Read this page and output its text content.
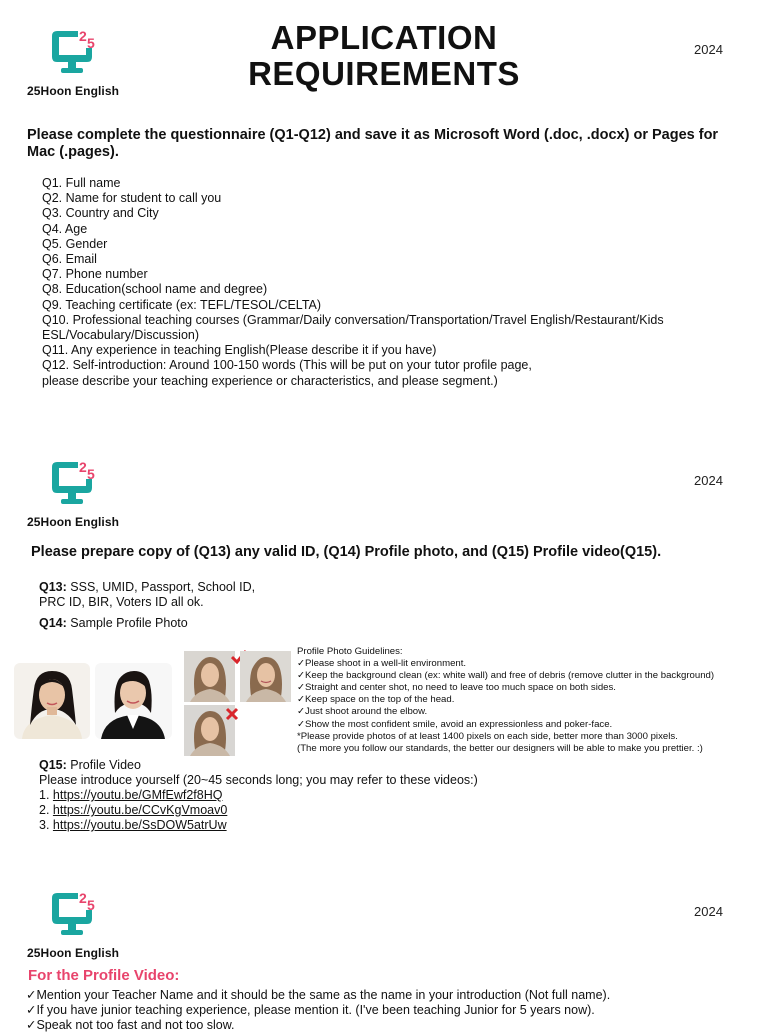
2 5
25Hoon English
APPLICATION
REQUIREMENTS
2024
Please complete the questionnaire (Q1-Q12) and save it as Microsoft Word (.doc, .docx) or Pages for Mac (.pages).
Q1. Full name
Q2. Name for student to call you
Q3. Country and City
Q4. Age
Q5. Gender
Q6. Email
Q7. Phone number
Q8. Education(school name and degree)
Q9. Teaching certificate (ex: TEFL/TESOL/CELTA)
Q10. Professional teaching courses (Grammar/Daily conversation/Transportation/Travel English/Restaurant/Kids ESL/Vocabulary/Discussion)
Q11. Any experience in teaching English(Please describe it if you have)
Q12. Self-introduction: Around 100-150 words (This will be put on your tutor profile page,
please describe your teaching experience or characteristics, and please segment.)
2 5
25Hoon English
2024
Please prepare copy of (Q13) any valid ID, (Q14) Profile photo, and (Q15) Profile video(Q15).
Q13: SSS, UMID, Passport, School ID,
PRC ID, BIR, Voters ID all ok.
Q14: Sample Profile Photo
Profile Photo Guidelines:
✓Please shoot in a well-lit environment.
✓Keep the background clean (ex: white wall) and free of debris (remove clutter in the background)
✓Straight and center shot, no need to leave too much space on both sides.
✓Keep space on the top of the head.
✓Just shoot around the elbow.
✓Show the most confident smile, avoid an expressionless and poker-face.
*Please provide photos of at least 1400 pixels on each side, better more than 3000 pixels.
(The more you follow our standards, the better our designers will be able to make you prettier. :)
Q15: Profile Video
Please introduce yourself (20~45 seconds long; you may refer to these videos:)
1. https://youtu.be/GMfEwf2f8HQ
2. https://youtu.be/CCvKgVmoav0
3. https://youtu.be/SsDOW5atrUw
2 5
25Hoon English
2024
For the Profile Video:
✓Mention your Teacher Name and it should be the same as the name in your introduction (Not full name).
✓If you have junior teaching experience, please mention it. (I've been teaching Junior for 5 years now).
✓Speak not too fast and not too slow.
